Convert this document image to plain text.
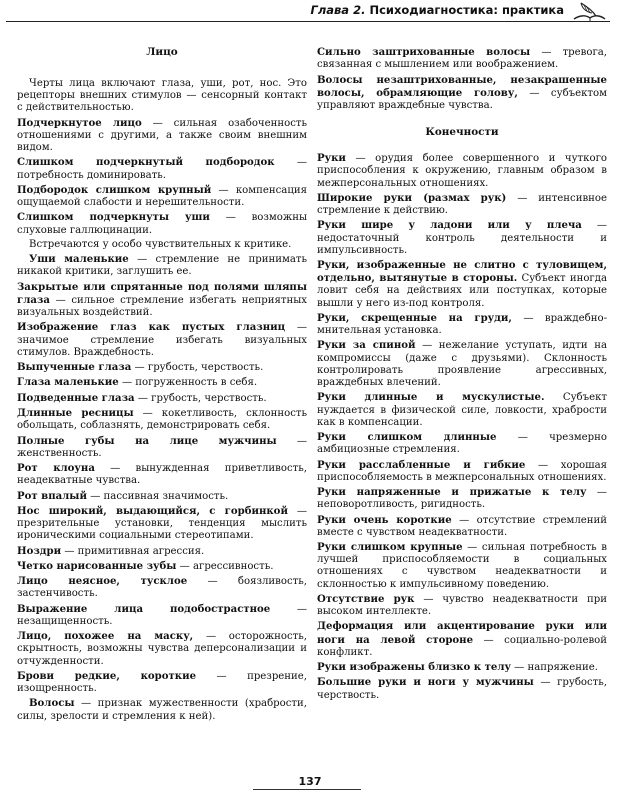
Глава 2. Психодиагностика: практика
Лицо

Черты лица включают глаза, уши, рот, нос. Это рецепторы внешних стимулов — сенсорный контакт с действительностью.

Подчеркнутое лицо — сильная озабоченность отношениями с другими, а также своим внешним видом.

Слишком подчеркнутый подбородок — потребность доминировать.

Подбородок слишком крупный — компенсация ощущаемой слабости и нерешительности.

Слишком подчеркнуты уши — возможны слуховые галлюцинации.

Встречаются у особо чувствительных к критике.

Уши маленькие — стремление не принимать никакой критики, заглушить ее.

Закрытые или спрятанные под полями шляпы глаза — сильное стремление избегать неприятных визуальных воздействий.

Изображение глаз как пустых глазниц — значимое стремление избегать визуальных стимулов. Враждебность.

Выпученные глаза — грубость, черствость.

Глаза маленькие — погруженность в себя.

Подведенные глаза — грубость, черствость.

Длинные ресницы — кокетливость, склонность обольщать, соблазнять, демонстрировать себя.

Полные губы на лице мужчины — женственность.

Рот клоуна — вынужденная приветливость, неадекватные чувства.

Рот впалый — пассивная значимость.

Нос широкий, выдающийся, с горбинкой — презрительные установки, тенденция мыслить ироническими социальными стереотипами.

Ноздри — примитивная агрессия.

Четко нарисованные зубы — агрессивность.

Лицо неясное, тусклое — боязливость, застенчивость.

Выражение лица подобострастное — незащищенность.

Лицо, похожее на маску, — осторожность, скрытность, возможны чувства деперсонализации и отчужденности.

Брови редкие, короткие — презрение, изощренность.

Волосы — признак мужественности (храбрости, силы, зрелости и стремления к ней).

Сильно заштрихованные волосы — тревога, связанная с мышлением или воображением.

Волосы незаштрихованные, незакрашенные волосы, обрамляющие голову, — субъектом управляют враждебные чувства.

Конечности

Руки — орудия более совершенного и чуткого приспособления к окружению, главным образом в межперсональных отношениях.

Широкие руки (размах рук) — интенсивное стремление к действию.

Руки шире у ладони или у плеча — недостаточный контроль деятельности и импульсивность.

Руки, изображенные не слитно с туловищем, отдельно, вытянутые в стороны. Субъект иногда ловит себя на действиях или поступках, которые вышли у него из-под контроля.

Руки, скрещенные на груди, — враждебно-мнительная установка.

Руки за спиной — нежелание уступать, идти на компромиссы (даже с друзьями). Склонность контролировать проявление агрессивных, враждебных влечений.

Руки длинные и мускулистые. Субъект нуждается в физической силе, ловкости, храбрости как в компенсации.

Руки слишком длинные — чрезмерно амбициозные стремления.

Руки расслабленные и гибкие — хорошая приспособляемость в межперсональных отношениях.

Руки напряженные и прижатые к телу — неповоротливость, ригидность.

Руки очень короткие — отсутствие стремлений вместе с чувством неадекватности.

Руки слишком крупные — сильная потребность в лучшей приспособляемости в социальных отношениях с чувством неадекватности и склонностью к импульсивному поведению.

Отсутствие рук — чувство неадекватности при высоком интеллекте.

Деформация или акцентирование руки или ноги на левой стороне — социально-ролевой конфликт.

Руки изображены близко к телу — напряжение.

Большие руки и ноги у мужчины — грубость, черствость.

137
